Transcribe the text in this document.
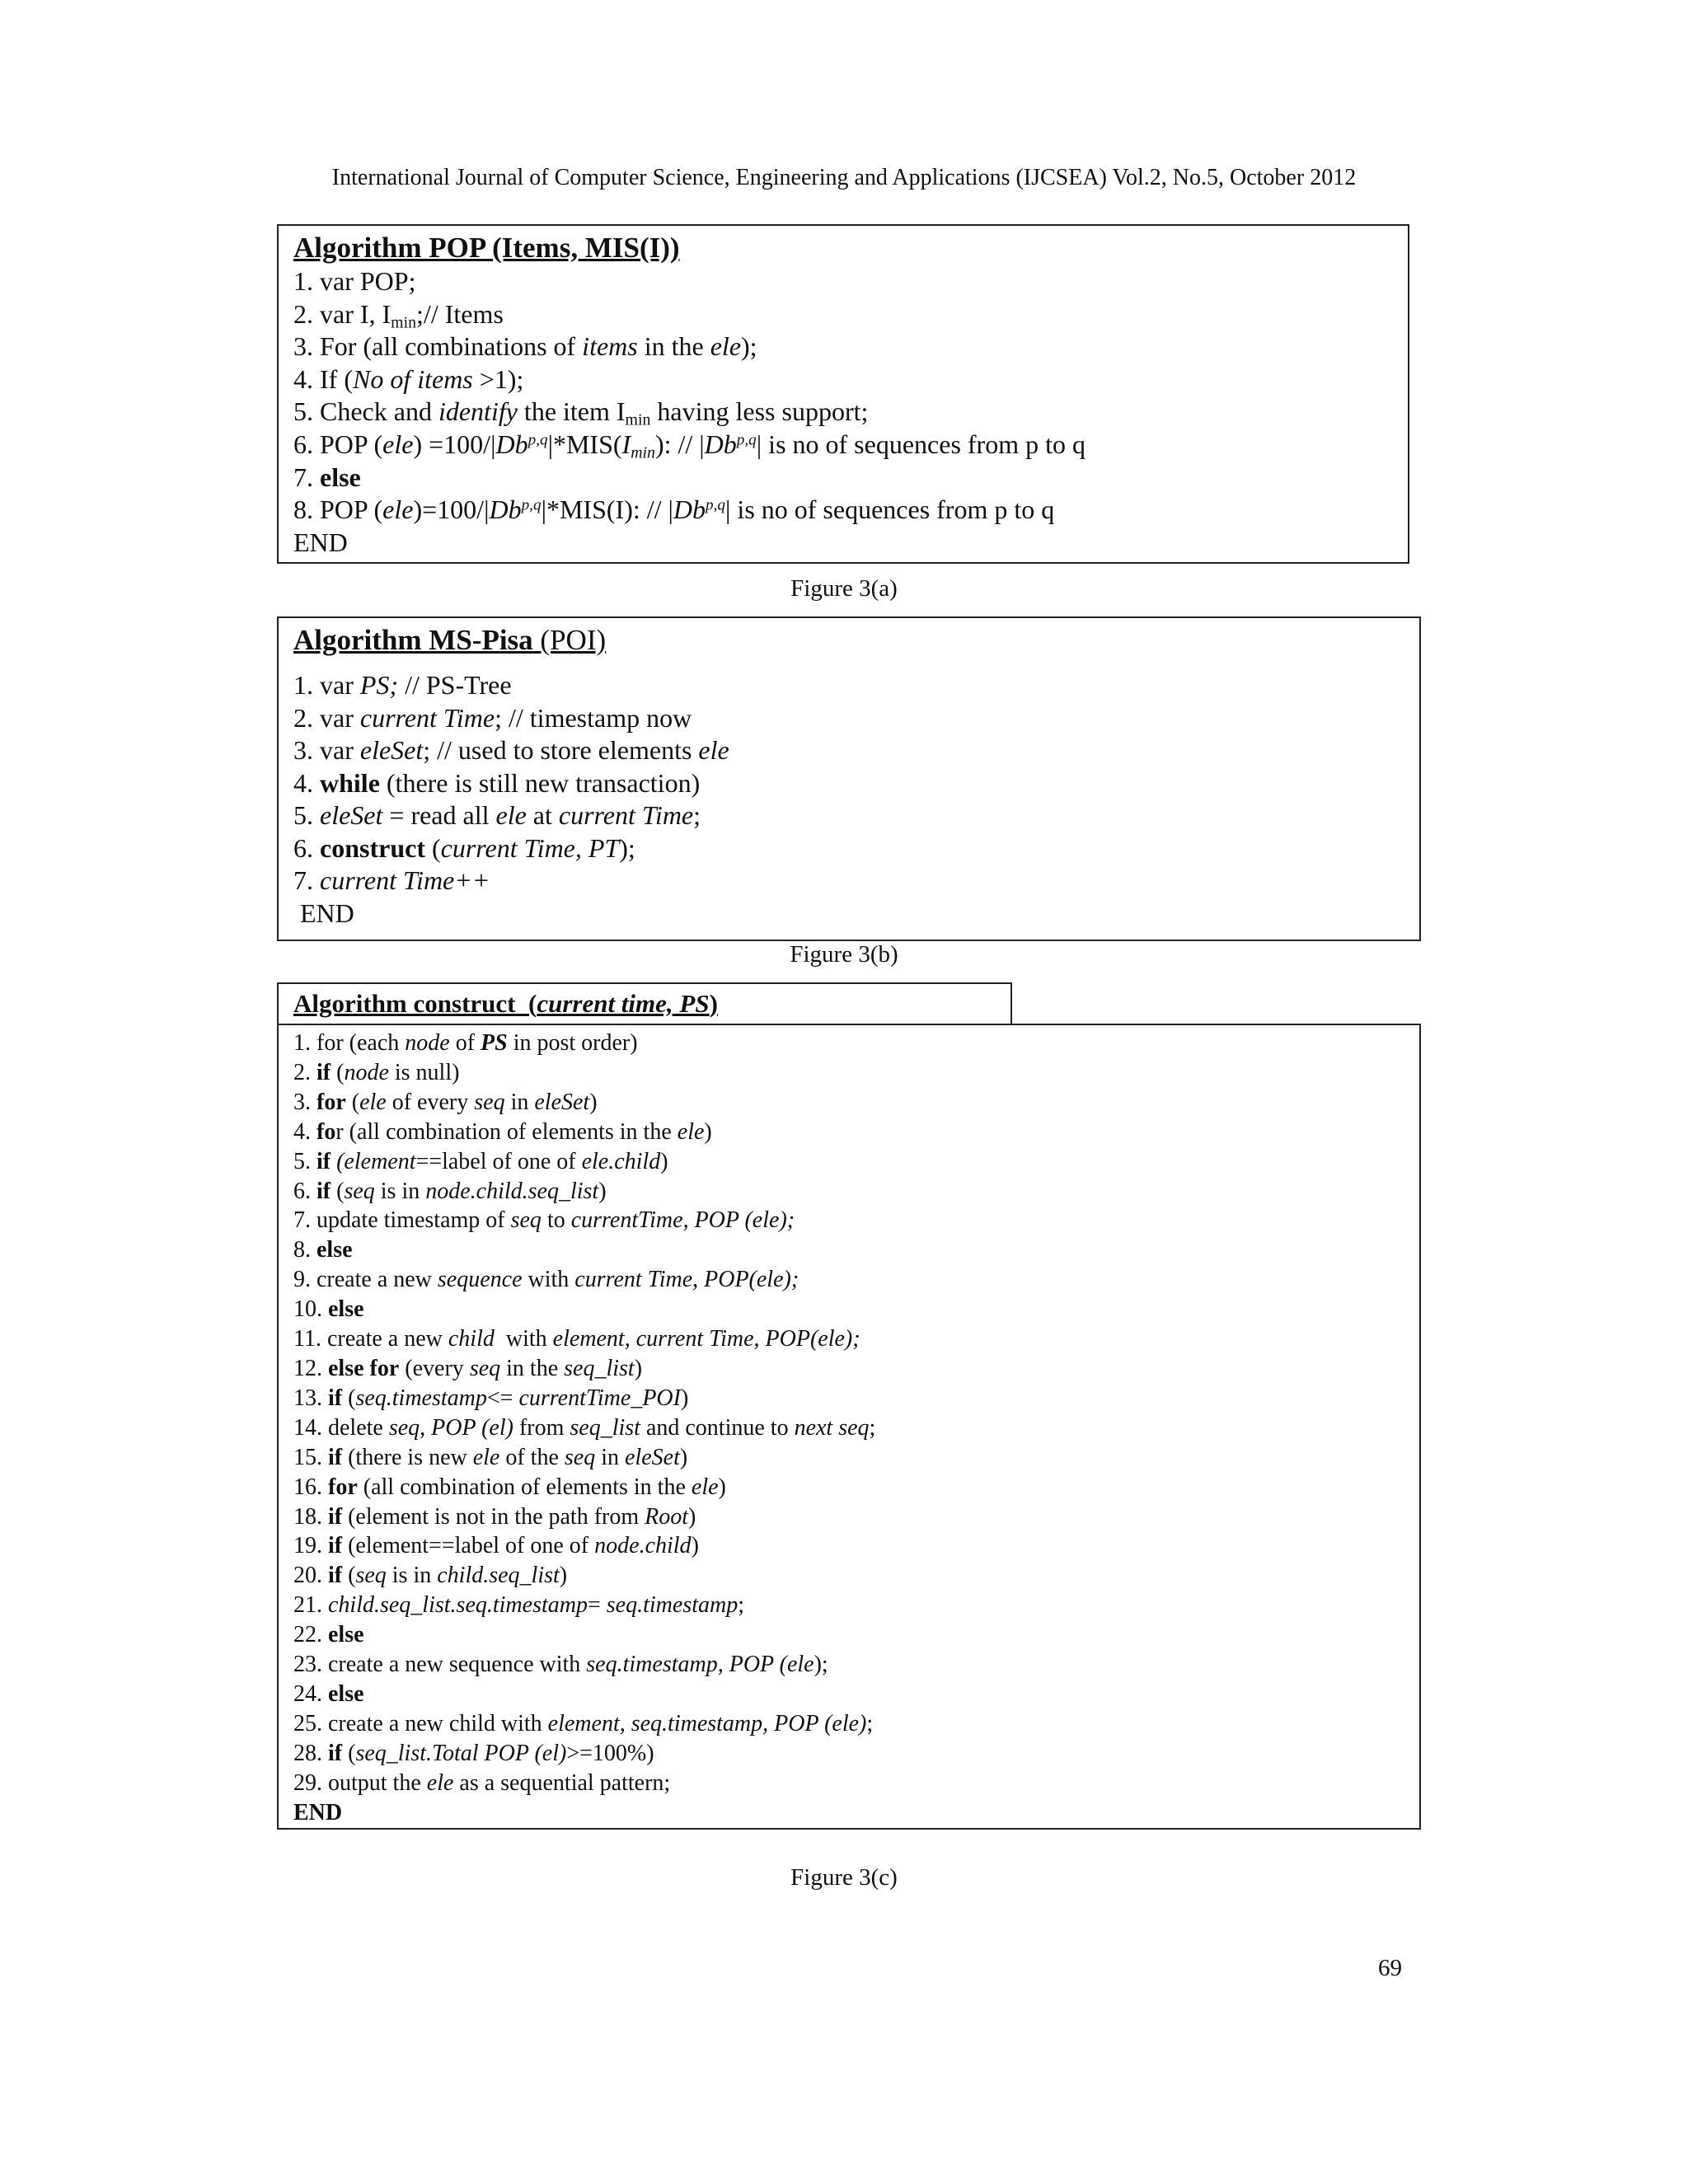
International Journal of Computer Science, Engineering and Applications (IJCSEA) Vol.2, No.5, October 2012
Algorithm POP (Items, MIS(I))
1. var POP;
2. var I, $I_{min};//$ Items
3. For (all combinations of items in the ele);
4. If (No of items >1);
5. Check and identify the item $I_{min}$ having less support;
6. POP $(ele) =100/|Db^{p,q}|*MIS(I_{min})$: // |Db$^{p,q}$| is no of sequences from p to q
7. else
8. POP (ele)=100/|Db$^{p,q}$|*MIS(I): // |Db$^{p,q}$| is no of sequences from p to q
END
Figure 3(a)
Algorithm MS-Pisa (POI)
1. var PS; // PS-Tree
2. var current Time; // timestamp now
3. var eleSet; // used to store elements ele
4. while (there is still new transaction)
5. eleSet = read all ele at current Time;
6. construct (current Time, PT);
7. current Time++
END
Figure 3(b)
Algorithm construct  (current time, PS)
1. for (each node of PS in post order)
2. if (node is null)
3. for (ele of every seq in eleSet)
4. for (all combination of elements in the ele)
5. if (element==label of one of ele.child)
6. if (seq is in node.child.seq_list)
7. update timestamp of seq to currentTime, POP (ele);
8. else
9. create a new sequence with current Time, POP(ele);
10. else
11. create a new child  with element, current Time, POP(ele);
12. else for (every seq in the seq_list)
13. if (seq.timestamp<= currentTime_POI)
14. delete seq, POP (el) from seq_list and continue to next seq;
15. if (there is new ele of the seq in eleSet)
16. for (all combination of elements in the ele)
18. if (element is not in the path from Root)
19. if (element==label of one of node.child)
20. if (seq is in child.seq_list)
21. child.seq_list.seq.timestamp= seq.timestamp;
22. else
23. create a new sequence with seq.timestamp, POP (ele);
24. else
25. create a new child with element, seq.timestamp, POP (ele);
28. if (seq_list.Total POP (el)>=100%)
29. output the ele as a sequential pattern;
END
Figure 3(c)
69
